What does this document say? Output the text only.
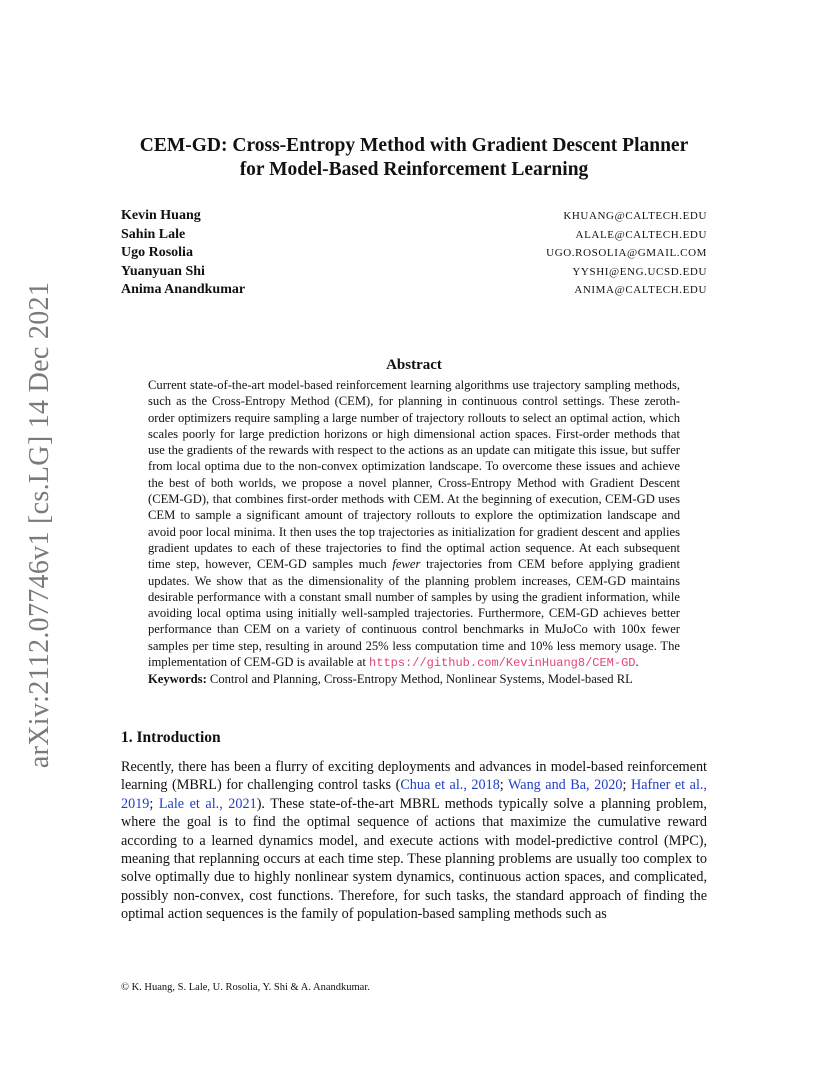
arXiv:2112.07746v1 [cs.LG] 14 Dec 2021
CEM-GD: Cross-Entropy Method with Gradient Descent Planner
for Model-Based Reinforcement Learning
Kevin Huang	KHUANG@CALTECH.EDU
Sahin Lale	ALALE@CALTECH.EDU
Ugo Rosolia	UGO.ROSOLIA@GMAIL.COM
Yuanyuan Shi	YYSHI@ENG.UCSD.EDU
Anima Anandkumar	ANIMA@CALTECH.EDU
Abstract

Current state-of-the-art model-based reinforcement learning algorithms use trajectory sampling methods, such as the Cross-Entropy Method (CEM), for planning in continuous control settings. These zeroth-order optimizers require sampling a large number of trajectory rollouts to select an optimal action, which scales poorly for large prediction horizons or high dimensional action spaces. First-order methods that use the gradients of the rewards with respect to the actions as an update can mitigate this issue, but suffer from local optima due to the non-convex optimization landscape. To overcome these issues and achieve the best of both worlds, we propose a novel planner, Cross-Entropy Method with Gradient Descent (CEM-GD), that combines first-order methods with CEM. At the beginning of execution, CEM-GD uses CEM to sample a significant amount of trajectory rollouts to explore the optimization landscape and avoid poor local minima. It then uses the top trajectories as initialization for gradient descent and applies gradient updates to each of these trajectories to find the optimal action sequence. At each subsequent time step, however, CEM-GD samples much fewer trajectories from CEM before applying gradient updates. We show that as the dimensionality of the planning problem increases, CEM-GD maintains desirable performance with a constant small number of samples by using the gradient information, while avoiding local optima using initially well-sampled trajectories. Furthermore, CEM-GD achieves better performance than CEM on a variety of continuous control benchmarks in MuJoCo with 100x fewer samples per time step, resulting in around 25% less computation time and 10% less memory usage. The implementation of CEM-GD is available at https://github.com/KevinHuang8/CEM-GD.

Keywords: Control and Planning, Cross-Entropy Method, Nonlinear Systems, Model-based RL

1. Introduction

Recently, there has been a flurry of exciting deployments and advances in model-based reinforcement learning (MBRL) for challenging control tasks (Chua et al., 2018; Wang and Ba, 2020; Hafner et al., 2019; Lale et al., 2021). These state-of-the-art MBRL methods typically solve a planning problem, where the goal is to find the optimal sequence of actions that maximize the cumulative reward according to a learned dynamics model, and execute actions with model-predictive control (MPC), meaning that replanning occurs at each time step. These planning problems are usually too complex to solve optimally due to highly nonlinear system dynamics, continuous action spaces, and complicated, possibly non-convex, cost functions. Therefore, for such tasks, the standard approach of finding the optimal action sequences is the family of population-based sampling methods such as

© K. Huang, S. Lale, U. Rosolia, Y. Shi & A. Anandkumar.
